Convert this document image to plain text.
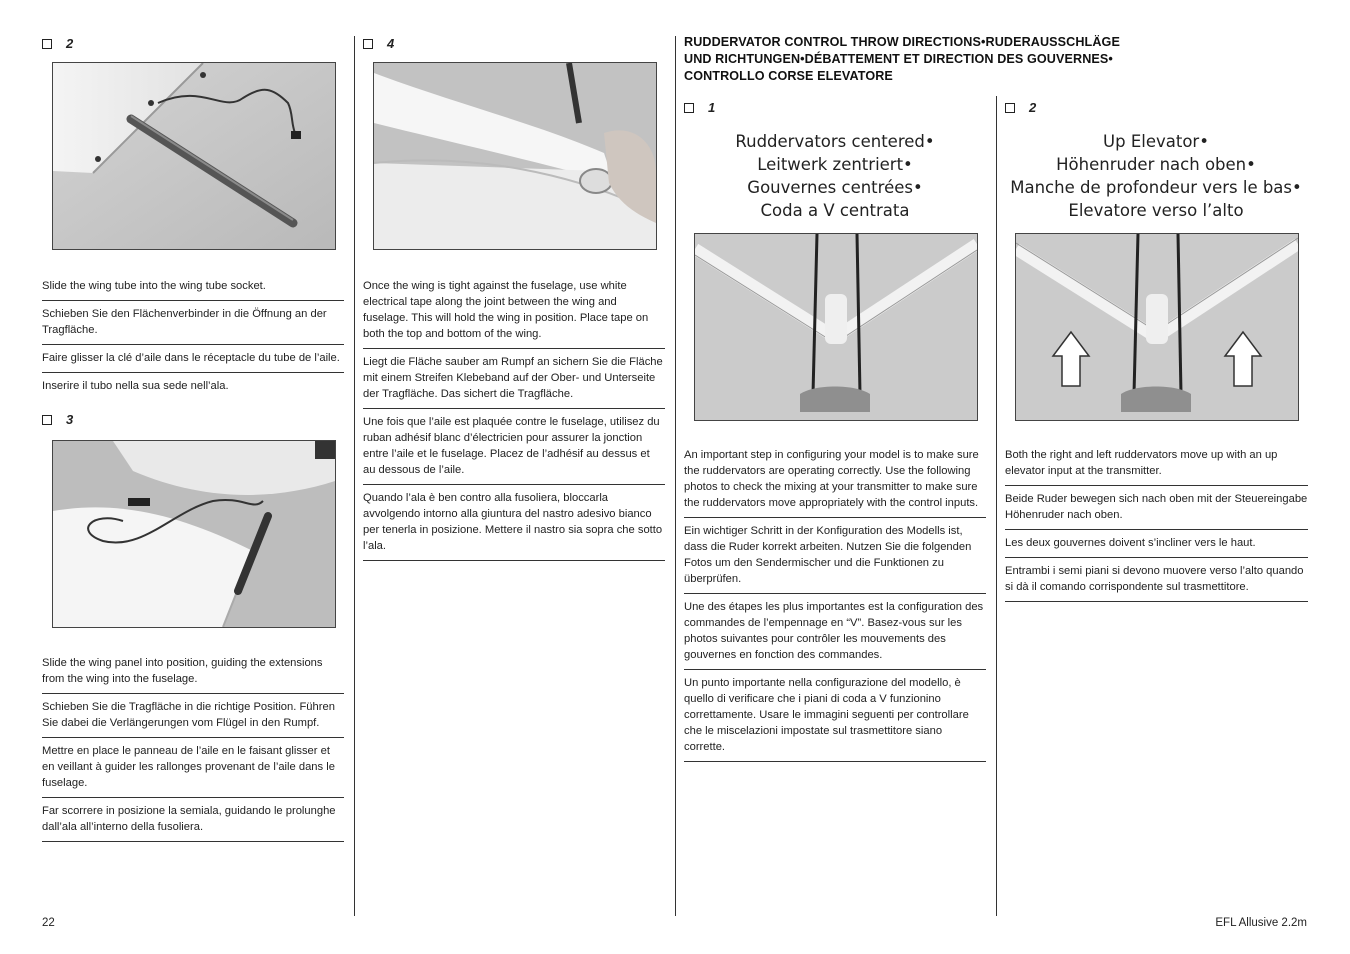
2
Slide the wing tube into the wing tube socket.
Schieben Sie den Flächenverbinder in die Öffnung an der Tragfläche.
Faire glisser la clé d’aile dans le réceptacle du tube de l’aile.
Inserire il tubo nella sua sede nell’ala.
3
Slide the wing panel into position, guiding the extensions from the wing into the fuselage.
Schieben Sie die Tragfläche in die richtige Position. Führen Sie dabei die Verlängerungen vom Flügel in den Rumpf.
Mettre en place le panneau de l’aile en le faisant glisser et en veillant à guider les rallonges provenant de l’aile dans le fuselage.
Far scorrere in posizione la semiala, guidando le prolunghe dall’ala all’interno della fusoliera.
4
Once the wing is tight against the fuselage, use white electrical tape along the joint between the wing and fuselage. This will hold the wing in position. Place tape on both the top and bottom of the wing.
Liegt die Fläche sauber am Rumpf an sichern Sie die Fläche mit einem Streifen Klebeband auf der Ober- und Unterseite der Tragfläche. Das sichert die Tragfläche.
Une fois que l’aile est plaquée contre le fuselage, utilisez du ruban adhésif blanc d’électricien pour assurer la jonction entre l’aile et le fuselage. Placez de l’adhésif au dessus et au dessous de l’aile.
Quando l’ala è ben contro alla fusoliera, bloccarla avvolgendo intorno alla giuntura del nastro adesivo bianco per tenerla in posizione. Mettere il nastro sia sopra che sotto l’ala.
RUDDERVATOR CONTROL THROW DIRECTIONS•RUDERAUSSCHLÄGE
UND RICHTUNGEN•DÉBATTEMENT ET DIRECTION DES GOUVERNES•
CONTROLLO CORSE ELEVATORE
1
Ruddervators centered•
Leitwerk zentriert•
Gouvernes centrées•
Coda a V centrata
An important step in configuring your model is to make sure the ruddervators are operating correctly. Use the following photos to check the mixing at your transmitter to make sure the ruddervators move appropriately with the control inputs.
Ein wichtiger Schritt in der Konfiguration des Modells ist, dass die Ruder korrekt arbeiten. Nutzen Sie die folgenden Fotos um den Sendermischer und die Funktionen zu überprüfen.
Une des étapes les plus importantes est la configuration des commandes de l’empennage en “V”. Basez-vous sur les photos suivantes pour contrôler les mouvements des gouvernes en fonction des commandes.
Un punto importante nella configurazione del modello, è quello di verificare che i piani di coda a V funzionino correttamente. Usare le immagini seguenti per controllare che le miscelazioni impostate sul trasmettitore siano corrette.
2
Up Elevator•
Höhenruder nach oben•
Manche de profondeur vers le bas•
Elevatore verso l’alto
Both the right and left ruddervators move up with an up elevator input at the transmitter.
Beide Ruder bewegen sich nach oben mit der Steuereingabe Höhenruder nach oben.
Les deux gouvernes doivent s’incliner vers le haut.
Entrambi i semi piani si devono muovere verso l’alto quando si dà il comando corrispondente sul trasmettitore.
22	EFL Allusive 2.2m
